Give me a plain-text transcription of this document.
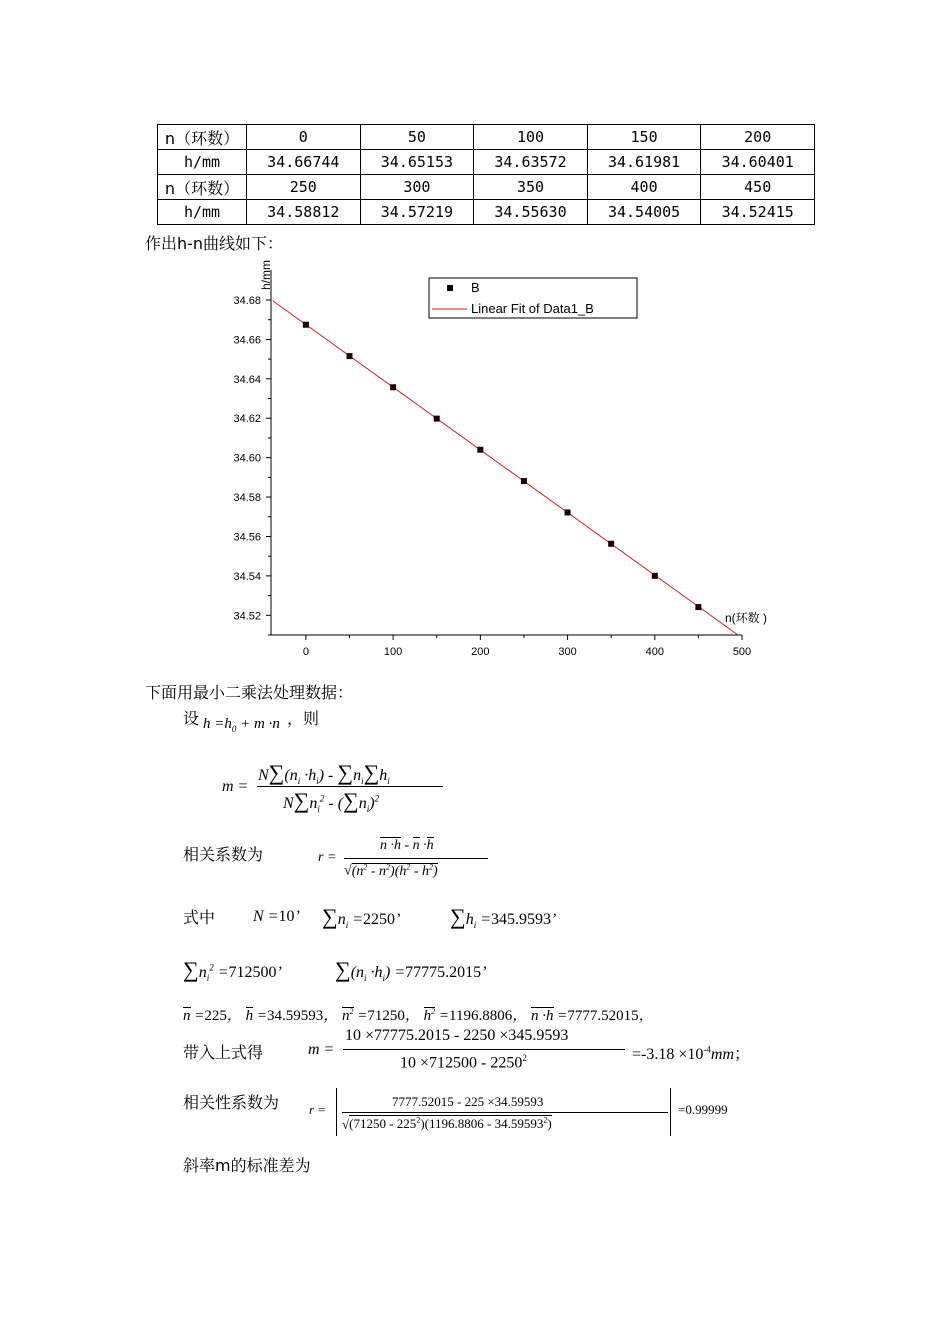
n（环数）	0	50	100	150	200
h/mm	34.66744	34.65153	34.63572	34.61981	34.60401
n（环数）	250	300	350	400	450
h/mm	34.58812	34.57219	34.55630	34.54005	34.52415
作出h-n曲线如下：
34.52
34.54
34.56
34.58
34.60
34.62
34.64
34.66
34.68
0	100	200	300	400	500
h/mm
n(环数 )
B
Linear Fit of Data1_B
下面用最小二乘法处理数据：
设 $h =h_0 + m \cdot n$ ，则
m =
$N\sum(n_i \cdot h_i) - \sum n_i\sum h_i$
$N\sum n_i^2 - (\sum n_i)^2$
相关系数为	r =
n ·h - n ·h
$√(n^2 - n^2)(h^2 - h^2)$
式中 N =10’ $\sum n_i =2250$’ $\sum h_i =345.9593$’
$\sum n_i^2 =712500$’ $\sum(n_i \cdot h_i) =77775.2015$’
n =225， h =34.59593， $n^2 =71250$， $h^2 =1196.8806$， n ·h =7777.52015，
带入上式得	m =
10 ×77775.2015 - 2250 ×345.9593
$10 \times 712500 - 2250^2$	$=-3.18 \times 10^{-4}mm$；
相关性系数为 r =
7777.52015 - 225 ×34.59593
$√(71250 - 225^2)(1196.8806 - 34.59593^2)$
=0.99999
斜率m的标准差为
